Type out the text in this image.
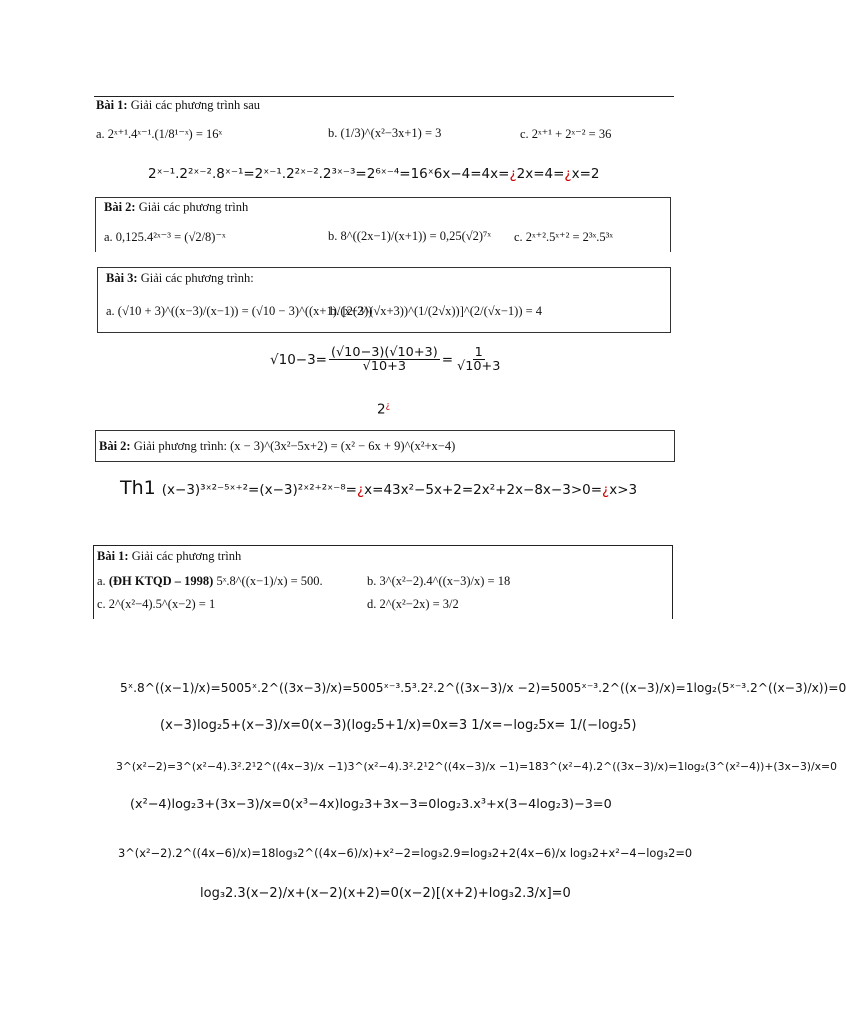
Bài 1: Giải các phương trình sau
a. 2ˣ⁺¹.4ˣ⁻¹.(1/8¹⁻ˣ) = 16ˣ	b. (1/3)^(x²−3x+1) = 3	c. 2ˣ⁺¹ + 2ˣ⁻² = 36
2ˣ⁻¹.2²ˣ⁻².8ˣ⁻¹=2ˣ⁻¹.2²ˣ⁻².2³ˣ⁻³=2⁶ˣ⁻⁴=16ˣ6x−4=4x=¿2x=4=¿x=2
Bài 2: Giải các phương trình
a. 0,125.4²ˣ⁻³ = (√2/8)⁻ˣ	b. 8^((2x−1)/(x+1)) = 0,25(√2)⁷ˣ c. 2ˣ⁺².5ˣ⁺² = 2³ˣ.5³ˣ
Bài 3: Giải các phương trình:
a. (√10 + 3)^((x−3)/(x−1)) = (√10 − 3)^((x+1)/(x+3))
b. [2(2^(√x+3))^(1/(2√x))]^(2/(√x−1)) = 4
$√10-3= \frac{(√10-3)(√10+3)}{√10+3} = \frac{1}{√10+3}$
2¿
Bài 2: Giải phương trình: (x − 3)^(3x²−5x+2) = (x² − 6x + 9)^(x²+x−4)
Th1 (x−3)³ˣ²⁻⁵ˣ⁺²=(x−3)²ˣ²⁺²ˣ⁻⁸=¿x=43x²−5x+2=2x²+2x−8x−3>0=¿x>3
Bài 1: Giải các phương trình
a. (ĐH KTQD – 1998) 5ˣ.8^((x−1)/x) = 500.	b. 3^(x²−2).4^((x−3)/x) = 18
c. 2^(x²−4).5^(x−2) = 1	d. 2^(x²−2x) = 3/2
5ˣ.8^((x−1)/x)=5005ˣ.2^((3x−3)/x)=5005ˣ⁻³.5³.2².2^((3x−3)/x −2)=5005ˣ⁻³.2^((x−3)/x)=1log₂(5ˣ⁻³.2^((x−3)/x))=0
(x−3)log₂5+(x−3)/x=0(x−3)(log₂5+1/x)=0x=3 1/x=−log₂5x= 1/(−log₂5)
3^(x²−2)=3^(x²−4).3².2¹2^((4x−3)/x −1)3^(x²−4).3².2¹2^((4x−3)/x −1)=183^(x²−4).2^((3x−3)/x)=1log₂(3^(x²−4))+(3x−3)/x=0
(x²−4)log₂3+(3x−3)/x=0(x³−4x)log₂3+3x−3=0log₂3.x³+x(3−4log₂3)−3=0
3^(x²−2).2^((4x−6)/x)=18log₃2^((4x−6)/x)+x²−2=log₃2.9=log₃2+2(4x−6)/x log₃2+x²−4−log₃2=0
log₃2.3(x−2)/x+(x−2)(x+2)=0(x−2)[(x+2)+log₃2.3/x]=0
